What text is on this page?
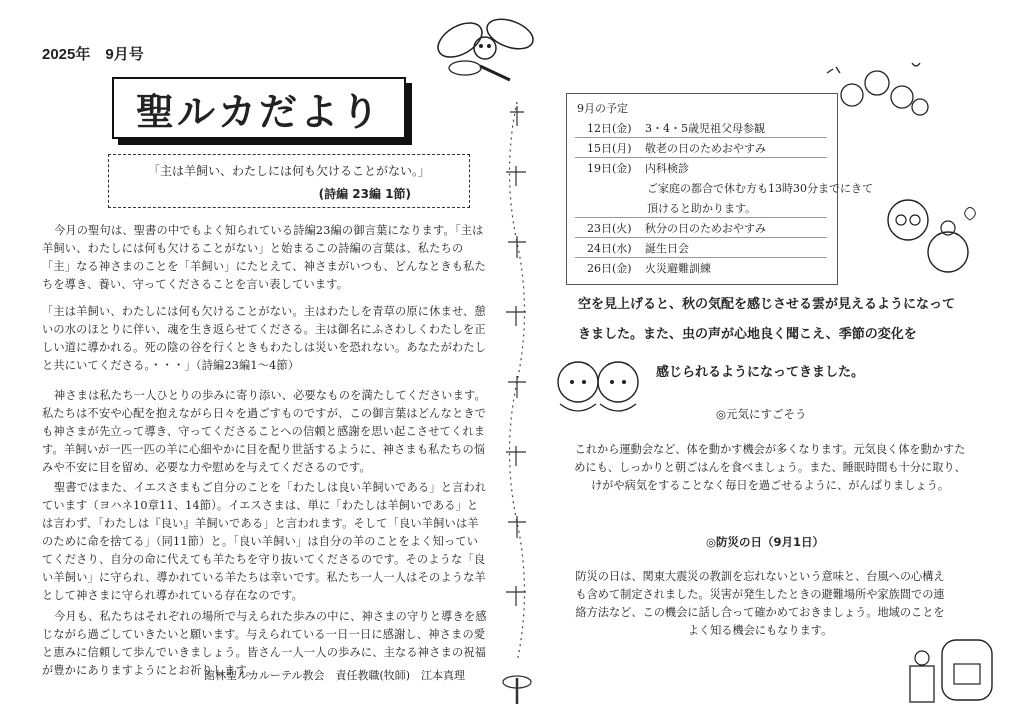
2025年　9月号
聖ルカだより
「主は羊飼い、わたしには何も欠けることがない。」
(詩編 23編 1節)
今月の聖句は、聖書の中でもよく知られている詩編23編の御言葉になります。「主は羊飼い、わたしには何も欠けることがない」と始まるこの詩編の言葉は、私たちの「主」なる神さまのことを「羊飼い」にたとえて、神さまがいつも、どんなときも私たちを導き、養い、守ってくださることを言い表しています。
「主は羊飼い、わたしには何も欠けることがない。主はわたしを青草の原に休ませ、憩いの水のほとりに伴い、魂を生き返らせてくださる。主は御名にふさわしくわたしを正しい道に導かれる。死の陰の谷を行くときもわたしは災いを恐れない。あなたがわたしと共にいてくださる。・・・」（詩編23編1～4節）
神さまは私たち一人ひとりの歩みに寄り添い、必要なものを満たしてくださいます。私たちは不安や心配を抱えながら日々を過ごすものですが、この御言葉はどんなときでも神さまが先立って導き、守ってくださることへの信頼と感謝を思い起こさせてくれます。羊飼いが一匹一匹の羊に心細やかに目を配り世話するように、神さまも私たちの悩みや不安に目を留め、必要な力や慰めを与えてくださるのです。
聖書ではまた、イエスさまもご自分のことを「わたしは良い羊飼いである」と言われています（ヨハネ10章11、14節）。イエスさまは、単に「わたしは羊飼いである」とは言わず、「わたしは『良い』羊飼いである」と言われます。そして「良い羊飼いは羊のために命を捨てる」（同11節）と。「良い羊飼い」は自分の羊のことをよく知っていてくださり、自分の命に代えても羊たちを守り抜いてくださるのです。そのような「良い羊飼い」に守られ、導かれている羊たちは幸いです。私たち一人一人はそのような羊として神さまに守られ導かれている存在なのです。
今月も、私たちはそれぞれの場所で与えられた歩みの中に、神さまの守りと導きを感じながら過ごしていきたいと願います。与えられている一日一日に感謝し、神さまの愛と恵みに信頼して歩んでいきましょう。皆さん一人一人の歩みに、主なる神さまの祝福が豊かにありますようにとお祈りします。
館林聖ルカルーテル教会　責任教職(牧師)　江本真理
9月の予定
12日(金) 3・4・5歳児祖父母参観
15日(月) 敬老の日のためおやすみ
19日(金) 内科検診
ご家庭の都合で休む方も13時30分までにきて
頂けると助かります。
23日(火) 秋分の日のためおやすみ
24日(水) 誕生日会
26日(金) 火災避難訓練
空を見上げると、秋の気配を感じさせる雲が見えるようになって
きました。また、虫の声が心地良く聞こえ、季節の変化を
感じられるようになってきました。
◎元気にすごそう
これから運動会など、体を動かす機会が多くなります。元気良く体を動かすためにも、しっかりと朝ごはんを食べましょう。また、睡眠時間も十分に取り、けがや病気をすることなく毎日を過ごせるように、がんばりましょう。
◎防災の日（9月1日）
防災の日は、関東大震災の教訓を忘れないという意味と、台風への心構えも含めて制定されました。災害が発生したときの避難場所や家族間での連絡方法など、この機会に話し合って確かめておきましょう。地域のことをよく知る機会にもなります。
